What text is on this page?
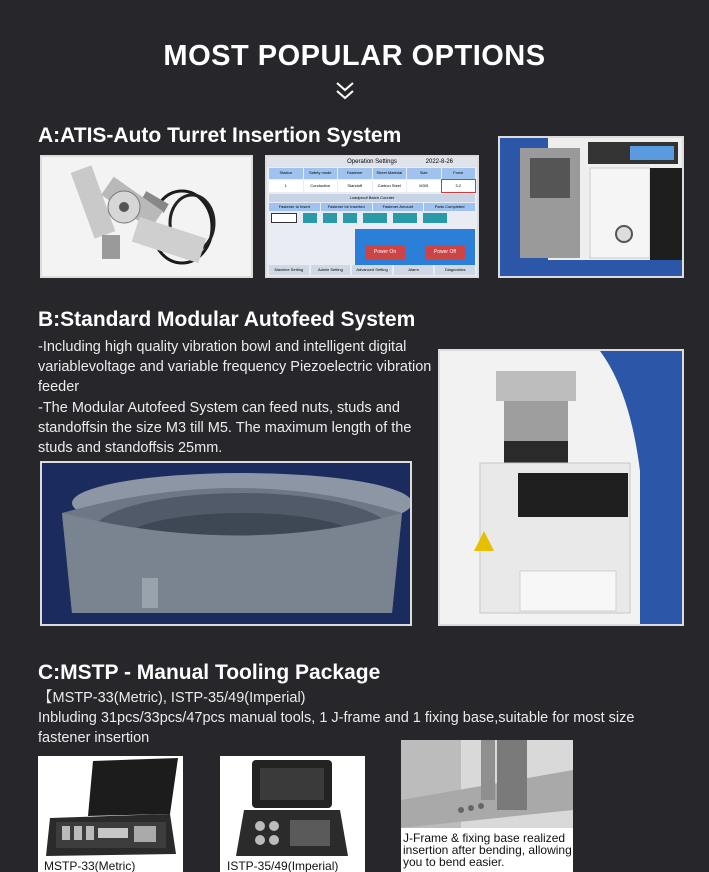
MOST POPULAR OPTIONS
A:ATIS-Auto Turret Insertion System
Operation Settings	2022-8-26
Station	Safety mode	Fastener	Sheet Material	Size	Force
1	Conductive	Standoff	Carbon Steel	M3/5	3.2
Loadproof Batch Counter
Fastener to Insert	Fastener be Inserted	Fastener Amount	Parts Completed
Power On	Power Off
Machine Setting	Admin Setting	Advanced Setting	Alarm	Diagnostics
B:Standard Modular Autofeed System
-Including high quality vibration bowl and intelligent digital variablevoltage and variable frequency Piezoelectric vibration feeder
-The Modular Autofeed System can feed nuts, studs and standoffsin the size M3 till M5. The maximum length of the studs and standoffsis 25mm.
C:MSTP - Manual Tooling Package
【MSTP-33(Metric), ISTP-35/49(Imperial)
Inbluding 31pcs/33pcs/47pcs manual tools, 1 J-frame and 1 fixing base,suitable for most size fastener insertion
MSTP-33(Metric)	ISTP-35/49(Imperial)
J-Frame & fixing base realized insertion after bending, allowing you to bend easier.
